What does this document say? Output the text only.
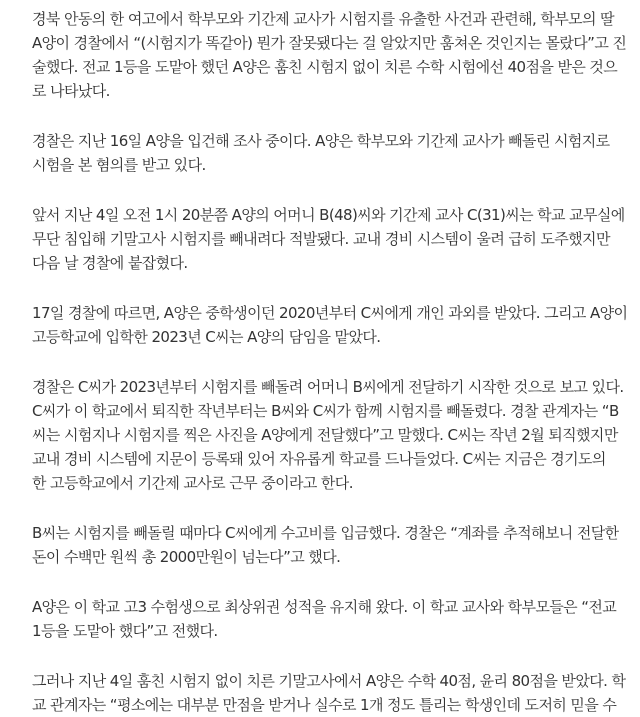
경북 안동의 한 여고에서 학부모와 기간제 교사가 시험지를 유출한 사건과 관련해, 학부모의 딸
A양이 경찰에서 “(시험지가 똑같아) 뭔가 잘못됐다는 걸 알았지만 훔쳐온 것인지는 몰랐다”고 진
술했다. 전교 1등을 도맡아 했던 A양은 훔친 시험지 없이 치른 수학 시험에선 40점을 받은 것으
로 나타났다.

경찰은 지난 16일 A양을 입건해 조사 중이다. A양은 학부모와 기간제 교사가 빼돌린 시험지로
시험을 본 혐의를 받고 있다.

앞서 지난 4일 오전 1시 20분쯤 A양의 어머니 B(48)씨와 기간제 교사 C(31)씨는 학교 교무실에
무단 침입해 기말고사 시험지를 빼내려다 적발됐다. 교내 경비 시스템이 울려 급히 도주했지만
다음 날 경찰에 붙잡혔다.

17일 경찰에 따르면, A양은 중학생이던 2020년부터 C씨에게 개인 과외를 받았다. 그리고 A양이
고등학교에 입학한 2023년 C씨는 A양의 담임을 맡았다.

경찰은 C씨가 2023년부터 시험지를 빼돌려 어머니 B씨에게 전달하기 시작한 것으로 보고 있다.
C씨가 이 학교에서 퇴직한 작년부터는 B씨와 C씨가 함께 시험지를 빼돌렸다. 경찰 관계자는 “B
씨는 시험지나 시험지를 찍은 사진을 A양에게 전달했다”고 말했다. C씨는 작년 2월 퇴직했지만
교내 경비 시스템에 지문이 등록돼 있어 자유롭게 학교를 드나들었다. C씨는 지금은 경기도의
한 고등학교에서 기간제 교사로 근무 중이라고 한다.

B씨는 시험지를 빼돌릴 때마다 C씨에게 수고비를 입금했다. 경찰은 “계좌를 추적해보니 전달한
돈이 수백만 원씩 총 2000만원이 넘는다”고 했다.

A양은 이 학교 고3 수험생으로 최상위권 성적을 유지해 왔다. 이 학교 교사와 학부모들은 “전교
1등을 도맡아 했다”고 전했다.

그러나 지난 4일 훔친 시험지 없이 치른 기말고사에서 A양은 수학 40점, 윤리 80점을 받았다. 학
교 관계자는 “평소에는 대부분 만점을 받거나 실수로 1개 정도 틀리는 학생인데 도저히 믿을 수
